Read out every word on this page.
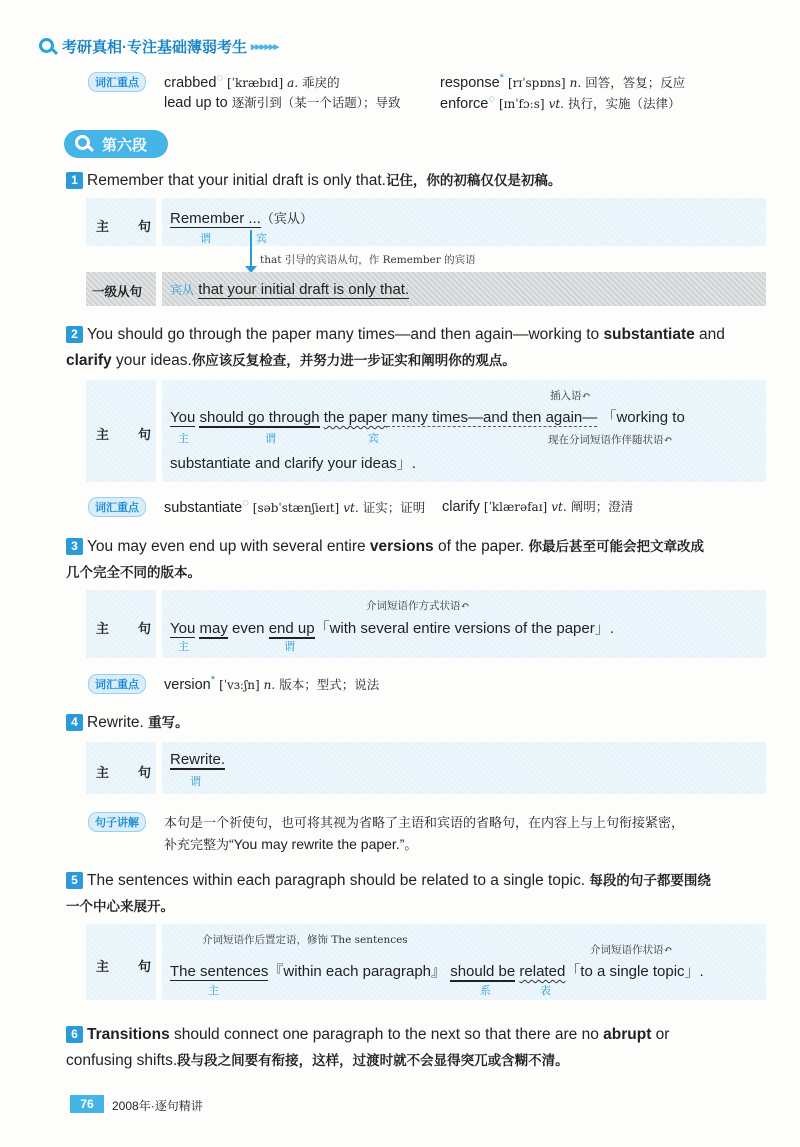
考研真相·专注基础薄弱考生 ▸▸▸▸▸▸
词汇重点	crabbed◌ [ˈkræbɪd] a. 乖戾的	response* [rɪˈspɒns] n. 回答，答复；反应
lead up to 逐渐引到（某一个话题）；导致	enforce◌ [ɪnˈfɔːs] vt. 执行，实施（法律）
第六段
1 Remember that your initial draft is only that.记住，你的初稿仅仅是初稿。
主　句
Remember ...（宾从）
谓	宾
that 引导的宾语从句，作 Remember 的宾语
一级从句 宾从 that your initial draft is only that.
2 You should go through the paper many times—and then again—working to substantiate and
clarify your ideas.你应该反复检查，并努力进一步证实和阐明你的观点。
主　句
插入语↶
You should go through the paper many times—and then again— 「working to
主	谓	宾	现在分词短语作伴随状语↶
substantiate and clarify your ideas」.
词汇重点	substantiate◌ [səbˈstænʃieɪt] vt. 证实；证明 clarify [ˈklærəfaɪ] vt. 阐明；澄清
3 You may even end up with several entire versions of the paper. 你最后甚至可能会把文章改成
几个完全不同的版本。
主　句
介词短语作方式状语↶
You may even end up「with several entire versions of the paper」.
主	谓
词汇重点	version* [ˈvɜːʃn] n. 版本；型式；说法
4 Rewrite. 重写。
主　句
Rewrite.
谓
句子讲解	本句是一个祈使句，也可将其视为省略了主语和宾语的省略句，在内容上与上句衔接紧密，
补充完整为“You may rewrite the paper.”。
5 The sentences within each paragraph should be related to a single topic. 每段的句子都要围绕
一个中心来展开。
主　句
介词短语作后置定语，修饰 The sentences
介词短语作状语↶
The sentences『within each paragraph』 should be related「to a single topic」.
主	系	表
6 Transitions should connect one paragraph to the next so that there are no abrupt or
confusing shifts.段与段之间要有衔接，这样，过渡时就不会显得突兀或含糊不清。
76	2008年·逐句精讲
